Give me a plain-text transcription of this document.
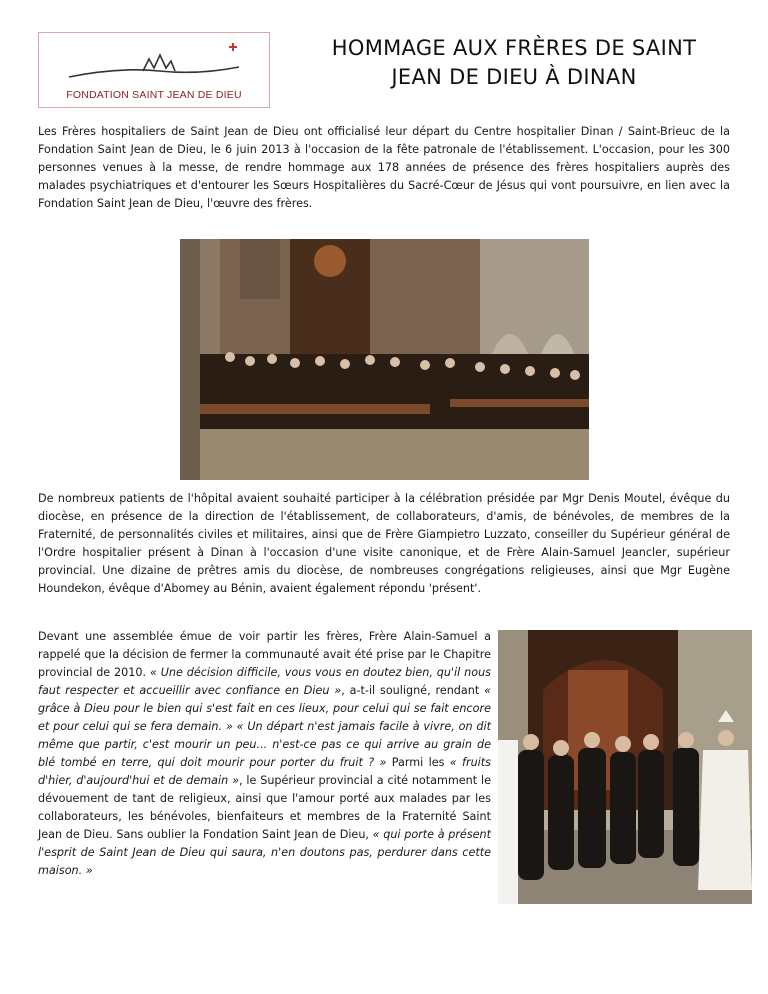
FONDATION SAINT JEAN DE DIEU
HOMMAGE AUX FRÈRES DE SAINT
JEAN DE DIEU À DINAN

Les Frères hospitaliers de Saint Jean de Dieu ont officialisé leur départ du Centre hospitalier Dinan / Saint-Brieuc de la Fondation Saint Jean de Dieu, le 6 juin 2013 à l'occasion de la fête patronale de l'établissement. L'occasion, pour les 300 personnes venues à la messe, de rendre hommage aux 178 années de présence des frères hospitaliers auprès des malades psychiatriques et d'entourer les Sœurs Hospitalières du Sacré-Cœur de Jésus qui vont poursuivre, en lien avec la Fondation Saint Jean de Dieu, l'œuvre des frères.

De nombreux patients de l'hôpital avaient souhaité participer à la célébration présidée par Mgr Denis Moutel, évêque du diocèse, en présence de la direction de l'établissement, de collaborateurs, d'amis, de bénévoles, de membres de la Fraternité, de personnalités civiles et militaires, ainsi que de Frère Giampietro Luzzato, conseiller du Supérieur général de l'Ordre hospitalier présent à Dinan à l'occasion d'une visite canonique, et de Frère Alain-Samuel Jeancler, supérieur provincial. Une dizaine de prêtres amis du diocèse, de nombreuses congrégations religieuses, ainsi que Mgr Eugène Houndekon, évêque d'Abomey au Bénin, avaient également répondu 'présent'.

Devant une assemblée émue de voir partir les frères, Frère Alain-Samuel a rappelé que la décision de fermer la communauté avait été prise par le Chapitre provincial de 2010. « Une décision difficile, vous vous en doutez bien, qu'il nous faut respecter et accueillir avec confiance en Dieu », a-t-il souligné, rendant « grâce à Dieu pour le bien qui s'est fait en ces lieux, pour celui qui se fait encore et pour celui qui se fera demain. » « Un départ n'est jamais facile à vivre, on dit même que partir, c'est mourir un peu... n'est-ce pas ce qui arrive au grain de blé tombé en terre, qui doit mourir pour porter du fruit ? » Parmi les « fruits d'hier, d'aujourd'hui et de demain », le Supérieur provincial a cité notamment le dévouement de tant de religieux, ainsi que l'amour porté aux malades par les collaborateurs, les bénévoles, bienfaiteurs et membres de la Fraternité Saint Jean de Dieu. Sans oublier la Fondation Saint Jean de Dieu, « qui porte à présent l'esprit de Saint Jean de Dieu qui saura, n'en doutons pas, perdurer dans cette maison. »
